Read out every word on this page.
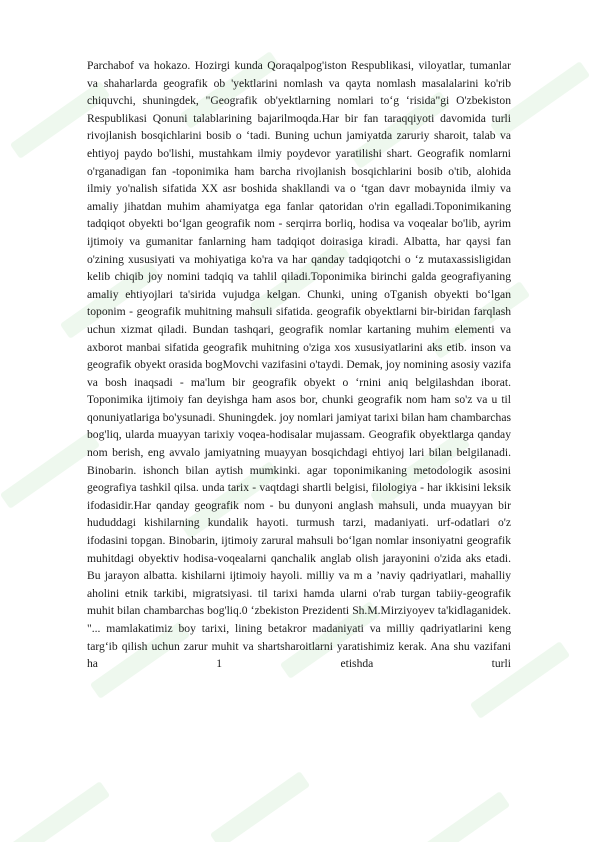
Parchabof va hokazo. Hozirgi kunda Qoraqalpog'iston Respublikasi, viloyatlar, tumanlar va shaharlarda geografik ob 'yektlarini nomlash va qayta nomlash masalalarini ko'rib chiquvchi, shuningdek, "Geografik ob'yektlarning nomlari to‘g ‘risida"gi O'zbekiston Respublikasi Qonuni talablarining bajarilmoqda.Har bir fan taraqqiyoti davomida turli rivojlanish bosqichlarini bosib o ‘tadi. Buning uchun jamiyatda zaruriy sharoit, talab va ehtiyoj paydo bo'lishi, mustahkam ilmiy poydevor yaratilishi shart. Geografik nomlarni o'rganadigan fan -toponimika ham barcha rivojlanish bosqichlarini bosib o'tib, alohida ilmiy yo'nalish sifatida XX asr boshida shakllandi va o ‘tgan davr mobaynida ilmiy va amaliy jihatdan muhim ahamiyatga ega fanlar qatoridan o'rin egalladi.Toponimikaning tadqiqot obyekti bo‘lgan geografik nom - serqirra borliq, hodisa va voqealar bo'lib, ayrim ijtimoiy va gumanitar fanlarning ham tadqiqot doirasiga kiradi. Albatta, har qaysi fan o'zining xususiyati va mohiyatiga ko'ra va har qanday tadqiqotchi o ‘z mutaxassisligidan kelib chiqib joy nomini tadqiq va tahlil qiladi.Toponimika birinchi galda geografiyaning amaliy ehtiyojlari ta'sirida vujudga kelgan. Chunki, uning oTganish obyekti bo‘lgan toponim - geografik muhitning mahsuli sifatida. geografik obyektlarni bir-biridan farqlash uchun xizmat qiladi. Bundan tashqari, geografik nomlar kartaning muhim elementi va axborot manbai sifatida geografik muhitning o'ziga xos xususiyatlarini aks etib. inson va geografik obyekt orasida bogMovchi vazifasini o'taydi. Demak, joy nomining asosiy vazifa va bosh inaqsadi - ma'lum bir geografik obyekt o ‘rnini aniq belgilashdan iborat. Toponimika ijtimoiy fan deyishga ham asos bor, chunki geografik nom ham so'z va u til qonuniyatlariga bo'ysunadi. Shuningdek. joy nomlari jamiyat tarixi bilan ham chambarchas bog'liq, ularda muayyan tarixiy voqea-hodisalar mujassam. Geografik obyektlarga qanday nom berish, eng avvalo jamiyatning muayyan bosqichdagi ehtiyoj lari bilan belgilanadi. Binobarin. ishonch bilan aytish mumkinki. agar toponimikaning metodologik asosini geografiya tashkil qilsa. unda tarix - vaqtdagi shartli belgisi, filologiya - har ikkisini leksik ifodasidir.Har qanday geografik nom - bu dunyoni anglash mahsuli, unda muayyan bir hududdagi kishilarning kundalik hayoti. turmush tarzi, madaniyati. urf-odatlari o'z ifodasini topgan. Binobarin, ijtimoiy zarural mahsuli bo‘lgan nomlar insoniyatni geografik muhitdagi obyektiv hodisa-voqealarni qanchalik anglab olish jarayonini o'zida aks etadi. Bu jarayon albatta. kishilarni ijtimoiy hayoli. milliy va m a ’naviy qadriyatlari, mahalliy aholini etnik tarkibi, migratsiyasi. til tarixi hamda ularni o'rab turgan tabiiy-geografik muhit bilan chambarchas bog'liq.0 ‘zbekiston Prezidenti Sh.M.Mirziyoyev ta'kidlaganidek. "... mamlakatimiz boy tarixi, lining betakror madaniyati va milliy qadriyatlarini keng targ‘ib qilish uchun zarur muhit va shartsharoitlarni yaratishimiz kerak. Ana shu vazifani ha 1 etishda turli
